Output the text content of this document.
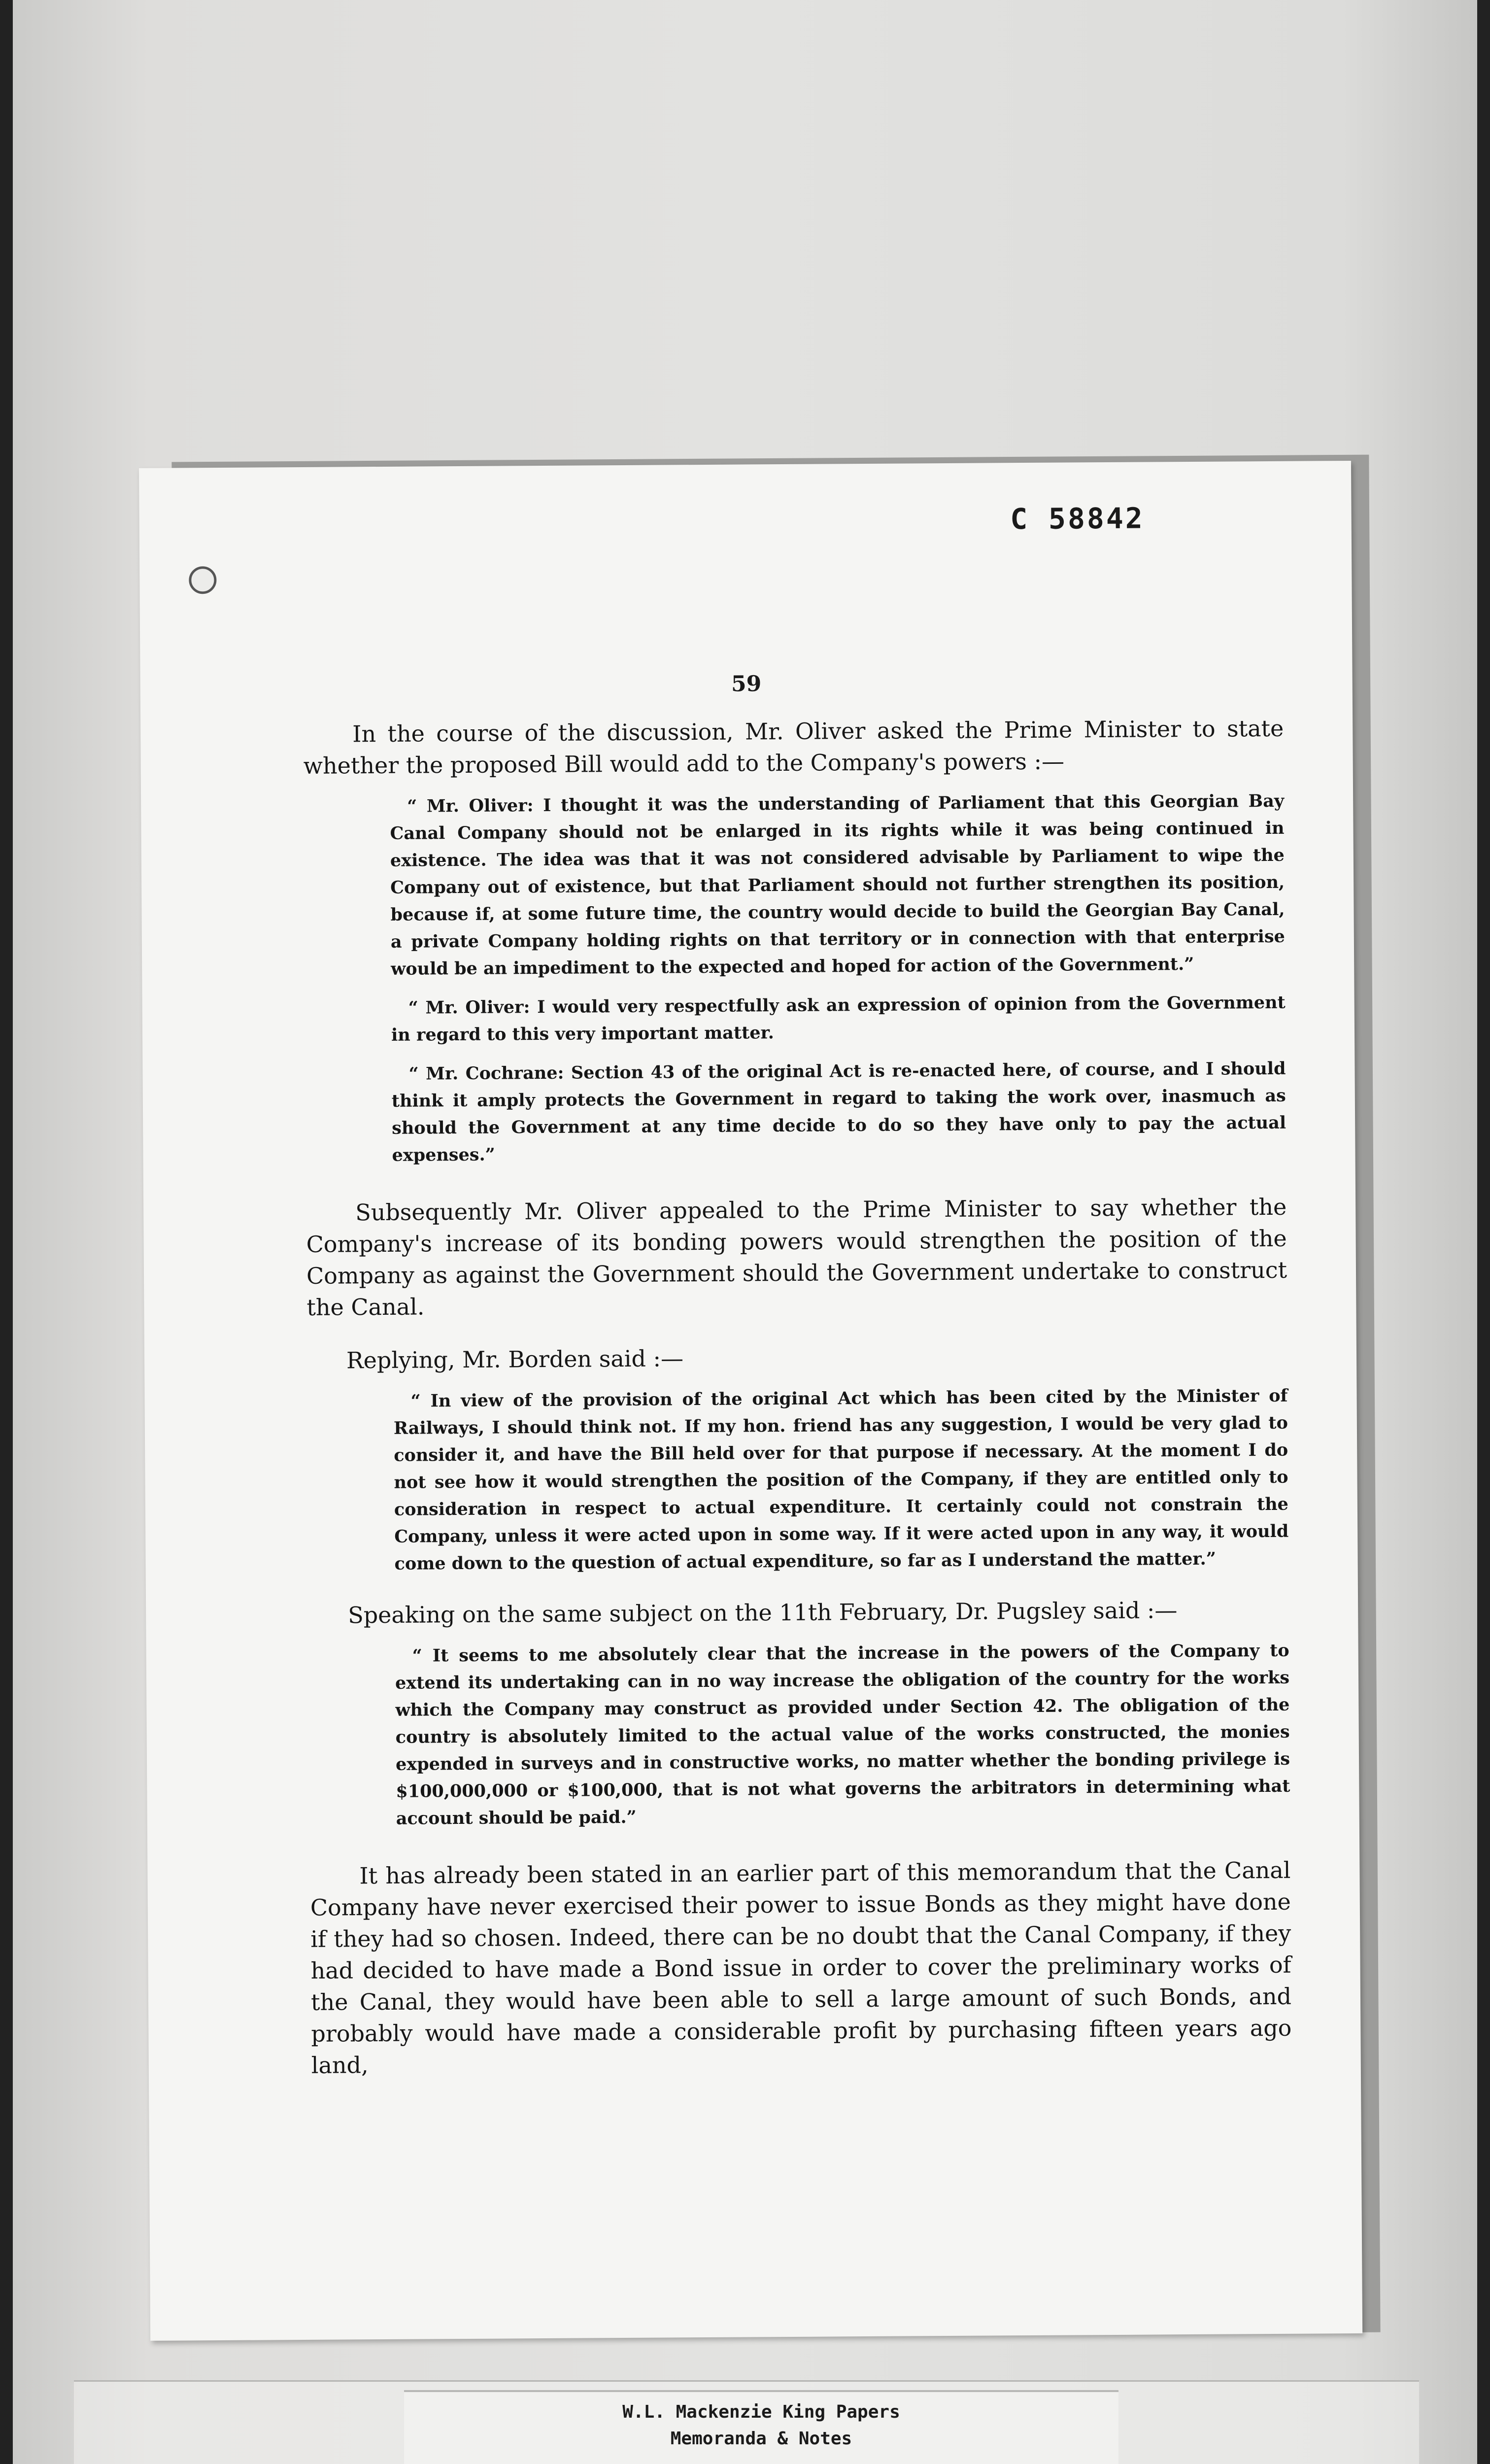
C 58842
59

In the course of the discussion, Mr. Oliver asked the Prime Minister to state whether the proposed Bill would add to the Company's powers :—

“ Mr. Oliver: I thought it was the understanding of Parliament that this Georgian Bay Canal Company should not be enlarged in its rights while it was being continued in existence. The idea was that it was not considered advisable by Parliament to wipe the Company out of existence, but that Parliament should not further strengthen its position, because if, at some future time, the country would decide to build the Georgian Bay Canal, a private Company holding rights on that territory or in connection with that enterprise would be an impediment to the expected and hoped for action of the Government.”

“ Mr. Oliver: I would very respectfully ask an expression of opinion from the Government in regard to this very important matter.

“ Mr. Cochrane: Section 43 of the original Act is re-enacted here, of course, and I should think it amply protects the Government in regard to taking the work over, inasmuch as should the Government at any time decide to do so they have only to pay the actual expenses.”

Subsequently Mr. Oliver appealed to the Prime Minister to say whether the Company's increase of its bonding powers would strengthen the position of the Company as against the Government should the Government undertake to construct the Canal.

Replying, Mr. Borden said :—

“ In view of the provision of the original Act which has been cited by the Minister of Railways, I should think not. If my hon. friend has any suggestion, I would be very glad to consider it, and have the Bill held over for that purpose if necessary. At the moment I do not see how it would strengthen the position of the Company, if they are entitled only to consideration in respect to actual expenditure. It certainly could not constrain the Company, unless it were acted upon in some way. If it were acted upon in any way, it would come down to the question of actual expenditure, so far as I understand the matter.”

Speaking on the same subject on the 11th February, Dr. Pugsley said :—

“ It seems to me absolutely clear that the increase in the powers of the Company to extend its undertaking can in no way increase the obligation of the country for the works which the Company may construct as provided under Section 42. The obligation of the country is absolutely limited to the actual value of the works constructed, the monies expended in surveys and in constructive works, no matter whether the bonding privilege is $100,000,000 or $100,000, that is not what governs the arbitrators in determining what account should be paid.”

It has already been stated in an earlier part of this memorandum that the Canal Company have never exercised their power to issue Bonds as they might have done if they had so chosen. Indeed, there can be no doubt that the Canal Company, if they had decided to have made a Bond issue in order to cover the preliminary works of the Canal, they would have been able to sell a large amount of such Bonds, and probably would have made a considerable profit by purchasing fifteen years ago land,

W.L. Mackenzie King Papers
Memoranda & Notes
